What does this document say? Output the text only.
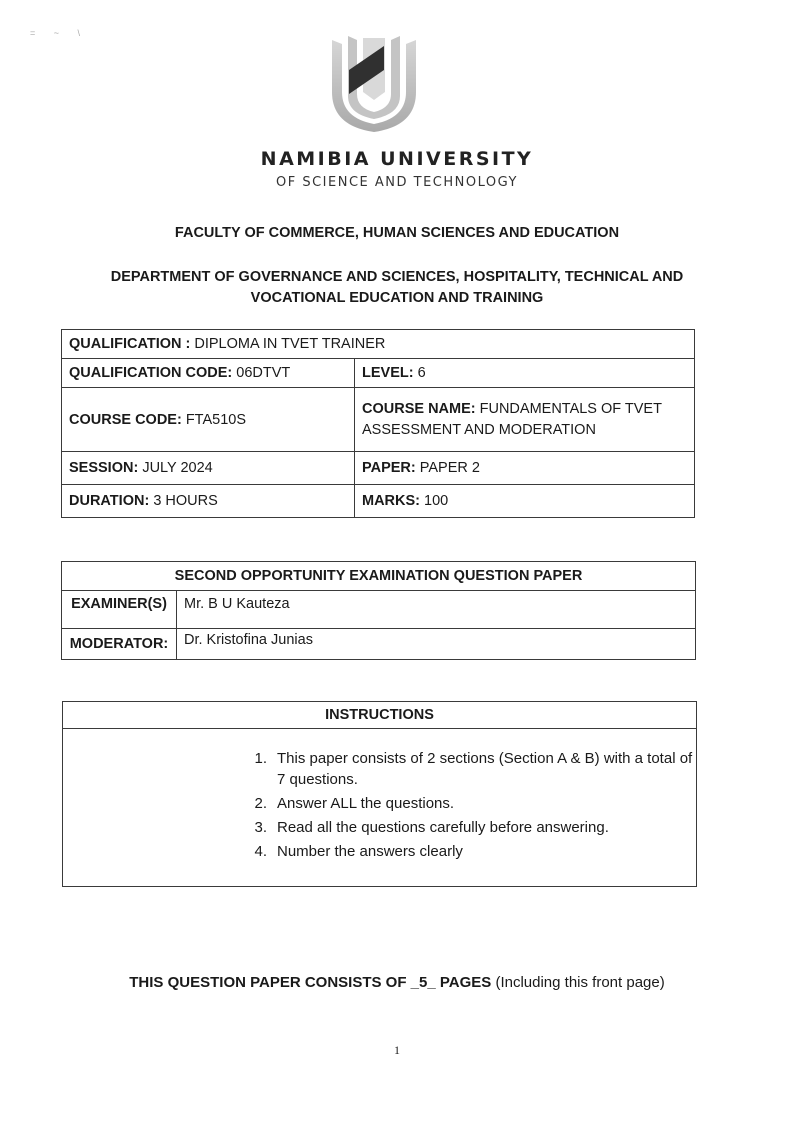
= ~ \
NAMIBIA UNIVERSITY
OF SCIENCE AND TECHNOLOGY
FACULTY OF COMMERCE, HUMAN SCIENCES AND EDUCATION
DEPARTMENT OF GOVERNANCE AND SCIENCES, HOSPITALITY, TECHNICAL AND
VOCATIONAL EDUCATION AND TRAINING
QUALIFICATION : DIPLOMA IN TVET TRAINER	
QUALIFICATION CODE: 06DTVT	LEVEL: 6
COURSE CODE: FTA510S	COURSE NAME: FUNDAMENTALS OF TVET
ASSESSMENT AND MODERATION
SESSION: JULY 2024	PAPER: PAPER 2
DURATION: 3 HOURS	MARKS: 100
SECOND OPPORTUNITY EXAMINATION QUESTION PAPER	
EXAMINER(S)	Mr. B U Kauteza
MODERATOR:	Dr. Kristofina Junias
INSTRUCTIONS
1. This paper consists of 2 sections (Section A & B) with a total of 7 questions.
2. Answer ALL the questions.
3. Read all the questions carefully before answering.
4. Number the answers clearly
THIS QUESTION PAPER CONSISTS OF _5_ PAGES (Including this front page)
1
